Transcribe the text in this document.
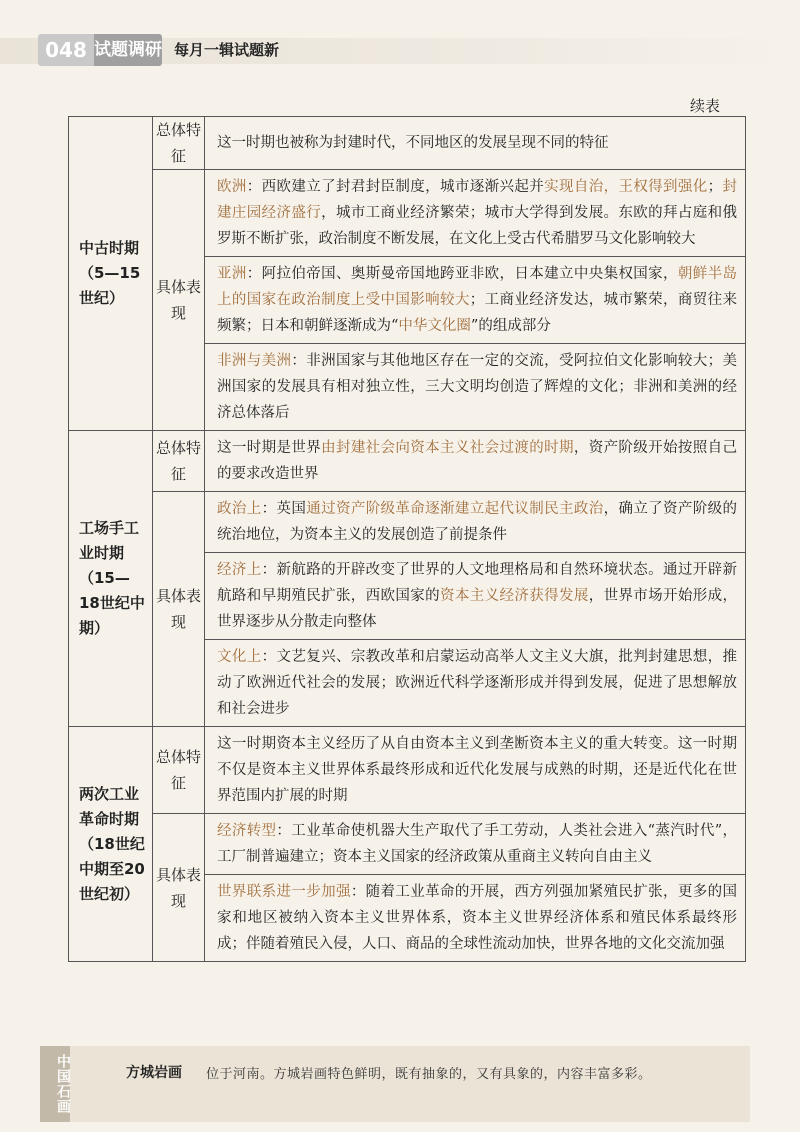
048 试题调研 每月一辑试题新
续表
中古时期（5—15世纪）	总体特征	这一时期也被称为封建时代，不同地区的发展呈现不同的特征
	具体表现	欧洲：西欧建立了封君封臣制度，城市逐渐兴起并实现自治，王权得到强化；封建庄园经济盛行，城市工商业经济繁荣；城市大学得到发展。东欧的拜占庭和俄罗斯不断扩张，政治制度不断发展，在文化上受古代希腊罗马文化影响较大
		亚洲：阿拉伯帝国、奥斯曼帝国地跨亚非欧，日本建立中央集权国家，朝鲜半岛上的国家在政治制度上受中国影响较大；工商业经济发达，城市繁荣，商贸往来频繁；日本和朝鲜逐渐成为“中华文化圈”的组成部分
		非洲与美洲：非洲国家与其他地区存在一定的交流，受阿拉伯文化影响较大；美洲国家的发展具有相对独立性，三大文明均创造了辉煌的文化；非洲和美洲的经济总体落后
工场手工业时期（15—18世纪中期）	总体特征	这一时期是世界由封建社会向资本主义社会过渡的时期，资产阶级开始按照自己的要求改造世界
	具体表现	政治上：英国通过资产阶级革命逐渐建立起代议制民主政治，确立了资产阶级的统治地位，为资本主义的发展创造了前提条件
		经济上：新航路的开辟改变了世界的人文地理格局和自然环境状态。通过开辟新航路和早期殖民扩张，西欧国家的资本主义经济获得发展，世界市场开始形成，世界逐步从分散走向整体
		文化上：文艺复兴、宗教改革和启蒙运动高举人文主义大旗，批判封建思想，推动了欧洲近代社会的发展；欧洲近代科学逐渐形成并得到发展，促进了思想解放和社会进步
两次工业革命时期（18世纪中期至20世纪初）	总体特征	这一时期资本主义经历了从自由资本主义到垄断资本主义的重大转变。这一时期不仅是资本主义世界体系最终形成和近代化发展与成熟的时期，还是近代化在世界范围内扩展的时期
	具体表现	经济转型：工业革命使机器大生产取代了手工劳动，人类社会进入“蒸汽时代”，工厂制普遍建立；资本主义国家的经济政策从重商主义转向自由主义
		世界联系进一步加强：随着工业革命的开展，西方列强加紧殖民扩张，更多的国家和地区被纳入资本主义世界体系，资本主义世界经济体系和殖民体系最终形成；伴随着殖民入侵，人口、商品的全球性流动加快，世界各地的文化交流加强
中国石画	方城岩画 位于河南。方城岩画特色鲜明，既有抽象的，又有具象的，内容丰富多彩。
